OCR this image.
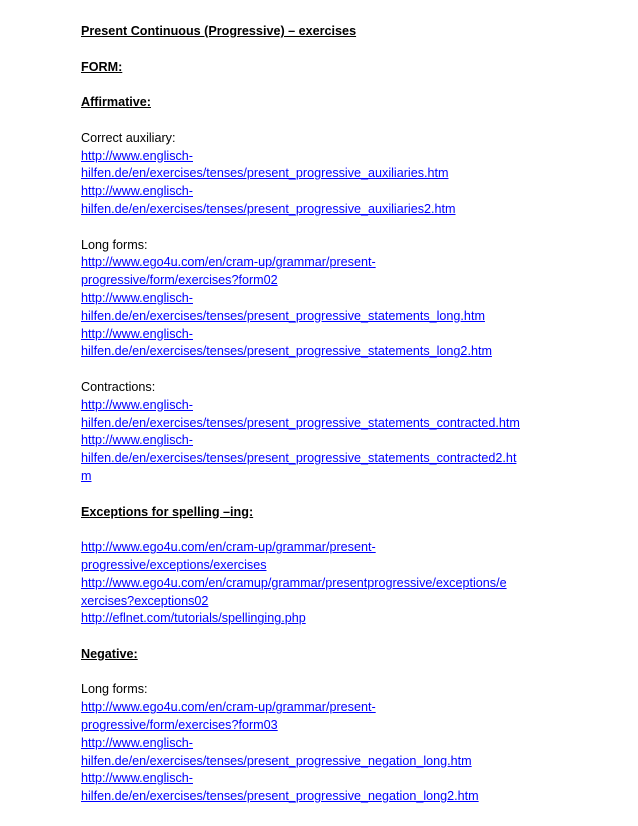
Present Continuous (Progressive) – exercises
FORM:
Affirmative:
Correct auxiliary:
http://www.englisch-
hilfen.de/en/exercises/tenses/present_progressive_auxiliaries.htm
http://www.englisch-
hilfen.de/en/exercises/tenses/present_progressive_auxiliaries2.htm
Long forms:
http://www.ego4u.com/en/cram-up/grammar/present-
progressive/form/exercises?form02
http://www.englisch-
hilfen.de/en/exercises/tenses/present_progressive_statements_long.htm
http://www.englisch-
hilfen.de/en/exercises/tenses/present_progressive_statements_long2.htm
Contractions:
http://www.englisch-
hilfen.de/en/exercises/tenses/present_progressive_statements_contracted.htm
http://www.englisch-
hilfen.de/en/exercises/tenses/present_progressive_statements_contracted2.ht
m
Exceptions for spelling –ing:
http://www.ego4u.com/en/cram-up/grammar/present-
progressive/exceptions/exercises
http://www.ego4u.com/en/cramup/grammar/presentprogressive/exceptions/e
xercises?exceptions02
http://eflnet.com/tutorials/spellinging.php
Negative:
Long forms:
http://www.ego4u.com/en/cram-up/grammar/present-
progressive/form/exercises?form03
http://www.englisch-
hilfen.de/en/exercises/tenses/present_progressive_negation_long.htm
http://www.englisch-
hilfen.de/en/exercises/tenses/present_progressive_negation_long2.htm
